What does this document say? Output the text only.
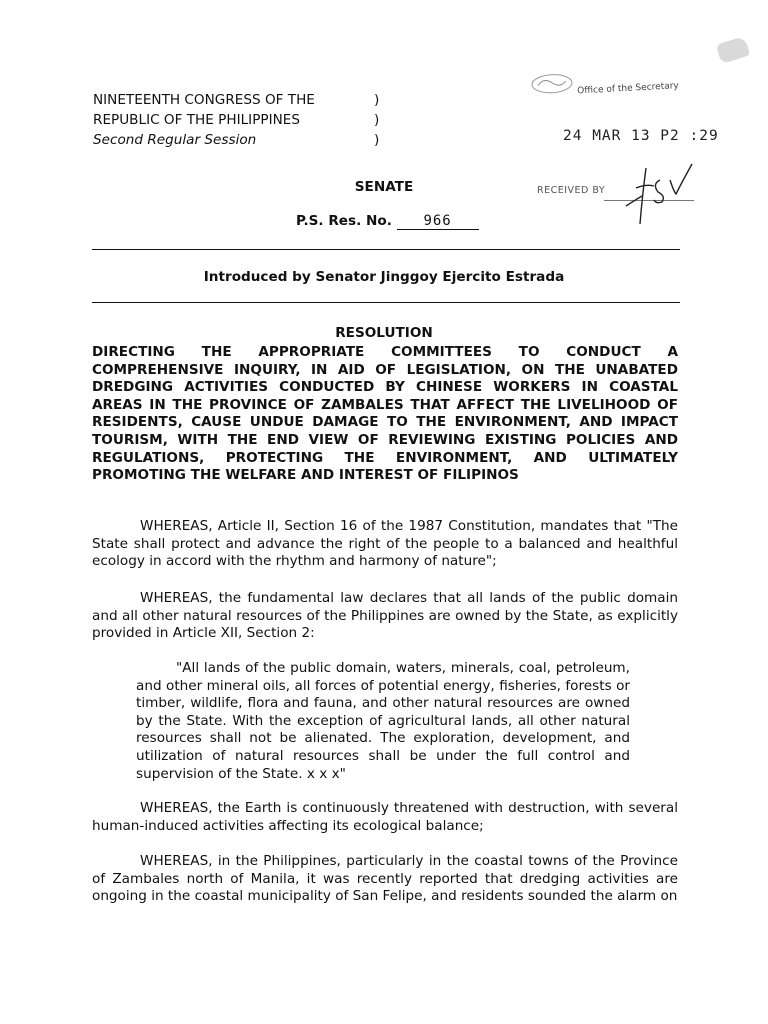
NINETEENTH CONGRESS OF THE
REPUBLIC OF THE PHILIPPINES
Second Regular Session
)
)
)
Office of the Secretary
24 MAR 13 P2 :29
RECEIVED BY
SENATE
P.S. Res. No. 966
Introduced by Senator Jinggoy Ejercito Estrada
RESOLUTION
DIRECTING THE APPROPRIATE COMMITTEES TO CONDUCT A COMPREHENSIVE INQUIRY, IN AID OF LEGISLATION, ON THE UNABATED DREDGING ACTIVITIES CONDUCTED BY CHINESE WORKERS IN COASTAL AREAS IN THE PROVINCE OF ZAMBALES THAT AFFECT THE LIVELIHOOD OF RESIDENTS, CAUSE UNDUE DAMAGE TO THE ENVIRONMENT, AND IMPACT TOURISM, WITH THE END VIEW OF REVIEWING EXISTING POLICIES AND REGULATIONS, PROTECTING THE ENVIRONMENT, AND ULTIMATELY PROMOTING THE WELFARE AND INTEREST OF FILIPINOS
WHEREAS, Article II, Section 16 of the 1987 Constitution, mandates that "The State shall protect and advance the right of the people to a balanced and healthful ecology in accord with the rhythm and harmony of nature";
WHEREAS, the fundamental law declares that all lands of the public domain and all other natural resources of the Philippines are owned by the State, as explicitly provided in Article XII, Section 2:
"All lands of the public domain, waters, minerals, coal, petroleum, and other mineral oils, all forces of potential energy, fisheries, forests or timber, wildlife, flora and fauna, and other natural resources are owned by the State. With the exception of agricultural lands, all other natural resources shall not be alienated. The exploration, development, and utilization of natural resources shall be under the full control and supervision of the State. x x x"
WHEREAS, the Earth is continuously threatened with destruction, with several human-induced activities affecting its ecological balance;
WHEREAS, in the Philippines, particularly in the coastal towns of the Province of Zambales north of Manila, it was recently reported that dredging activities are ongoing in the coastal municipality of San Felipe, and residents sounded the alarm on
